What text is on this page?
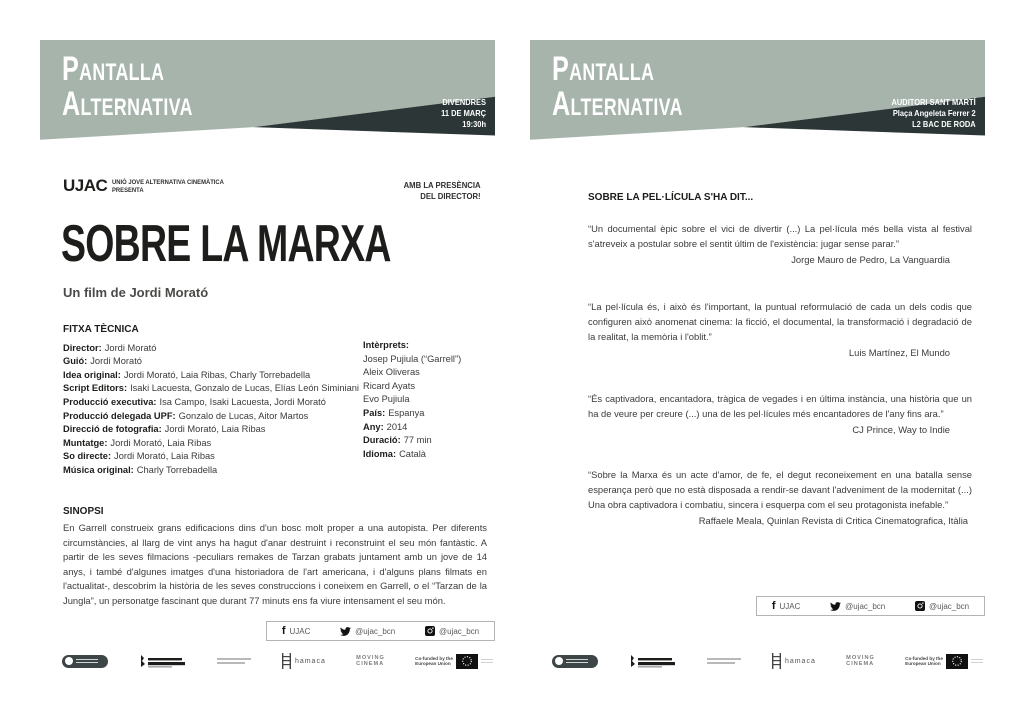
Pantalla
Alternativa	DIVENDRES
11 DE MARÇ
19:30h
UJAC UNIÓ JOVE ALTERNATIVA CINEMÀTICA
PRESENTA
AMB LA PRESÈNCIA
DEL DIRECTOR!
SOBRE LA MARXA
Un film de Jordi Morató
FITXA TÈCNICA
Director: Jordi Morató
Guió: Jordi Morató
Idea original: Jordi Morató, Laia Ribas, Charly Torrebadella
Script Editors: Isaki Lacuesta, Gonzalo de Lucas, Elías León Siminiani
Producció executiva: Isa Campo, Isaki Lacuesta, Jordi Morató
Producció delegada UPF: Gonzalo de Lucas, Aitor Martos
Direcció de fotografia: Jordi Morató, Laia Ribas
Muntatge: Jordi Morató, Laia Ribas
So directe: Jordi Morató, Laia Ribas
Música original: Charly Torrebadella
Intèrprets:
Josep Pujiula (“Garrell”)
Aleix Oliveras
Ricard Ayats
Evo Pujiula
País: Espanya
Any: 2014
Duració: 77 min
Idioma: Català
SINOPSI
En Garrell construeix grans edificacions dins d'un bosc molt proper a una autopista. Per diferents circumstàncies, al llarg de vint anys ha hagut d'anar destruint i reconstruint el seu món fantàstic. A partir de les seves filmacions -peculiars remakes de Tarzan grabats juntament amb un jove de 14 anys, i també d'algunes imatges d'una historiadora de l'art americana, i d'alguns plans filmats en l'actualitat-, descobrim la història de les seves construccions i coneixem en Garrell, o el “Tarzan de la Jungla”, un personatge fascinant que durant 77 minuts ens fa viure intensament el seu món.
f UJAC	@ujac_bcn	@ujac_bcn
hamaca	MOVING
CINEMA
Co-funded by the
European Union
Pantalla
Alternativa	AUDITORI SANT MARTÍ
Plaça Angeleta Ferrer 2
L2 BAC DE RODA
SOBRE LA PEL·LÍCULA S'HA DIT...
“Un documental èpic sobre el vici de divertir (...) La pel·lícula més bella vista al festival s'atreveix a postular sobre el sentit últim de l'existència: jugar sense parar.”
Jorge Mauro de Pedro, La Vanguardia
“La pel·lícula és, i això és l'important, la puntual reformulació de cada un dels codis que configuren això anomenat cinema: la ficció, el documental, la transformació i degradació de la realitat, la memòria i l'oblit.”
Luis Martínez, El Mundo
“És captivadora, encantadora, tràgica de vegades i en última instància, una història que un ha de veure per creure (...) una de les pel·lícules més encantadores de l'any fins ara.”
CJ Prince, Way to Indie
“Sobre la Marxa és un acte d'amor, de fe, el degut reconeixement en una batalla sense esperança però que no està disposada a rendir-se davant l'adveniment de la modernitat (...) Una obra captivadora i combatiu, sincera i esquerpa com el seu protagonista inefable.”
Raffaele Meala, Quinlan Revista di Critica Cinematografica, Itàlia
f UJAC	@ujac_bcn	@ujac_bcn
hamaca	MOVING
CINEMA
Co-funded by the
European Union
